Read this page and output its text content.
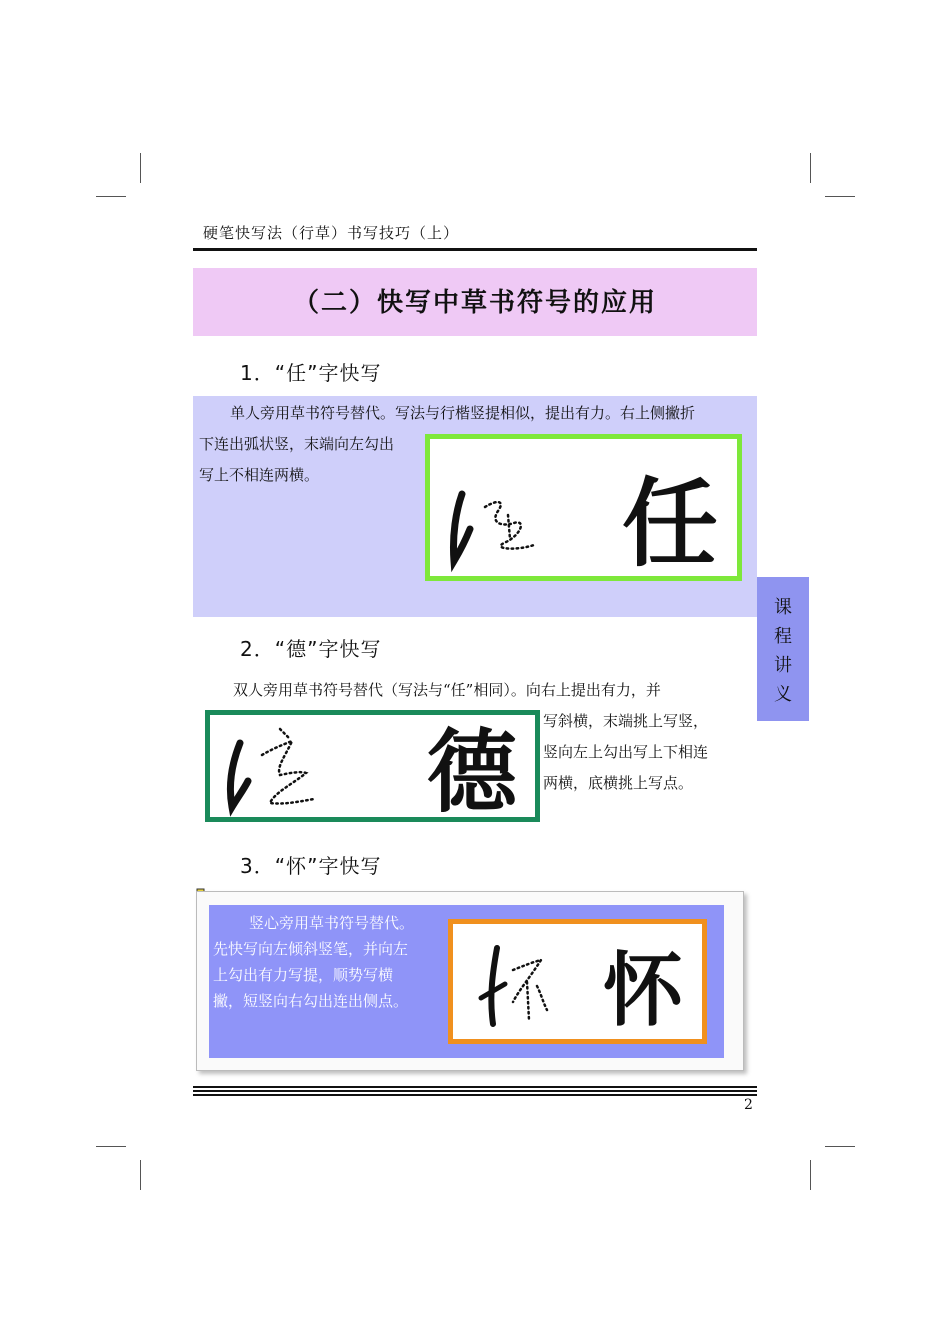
硬笔快写法（行草）书写技巧（上）
（二）快写中草书符号的应用
1．“任”字快写
单人旁用草书符号替代。写法与行楷竖提相似，提出有力。右上侧撇折
下连出弧状竖，末端向左勾出
写上不相连两横。	任
课
程
讲
义
2．“德”字快写
双人旁用草书符号替代（写法与“任”相同）。向右上提出有力，并
写斜横，末端挑上写竖，
竖向左上勾出写上下相连
两横，底横挑上写点。
德
3．“怀”字快写
竖心旁用草书符号替代。
先快写向左倾斜竖笔，并向左
上勾出有力写提，顺势写横
撇，短竖向右勾出连出侧点。 怀
2
